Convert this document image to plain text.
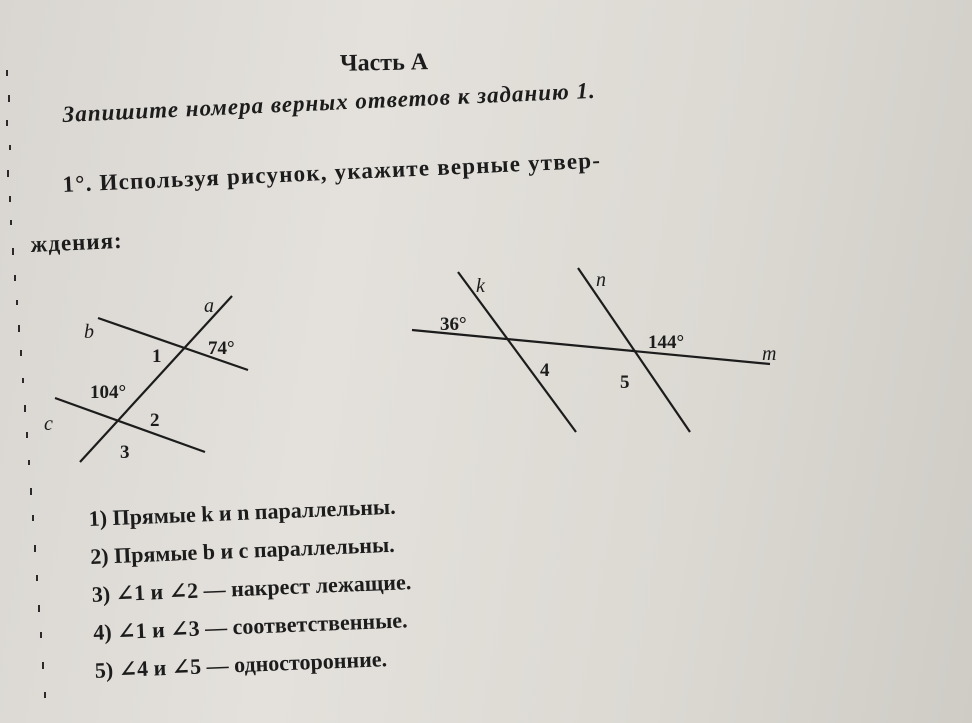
Часть А
Запишите номера верных ответов к заданию 1.
1°. Используя рисунок, укажите верные утвер-
ждения:
a
b
c
74°
104°
1
2
3
k	n
m
36°
144°
4
5
1) Прямые k и n параллельны.
2) Прямые b и c параллельны.
3) ∠1 и ∠2 — накрест лежащие.
4) ∠1 и ∠3 — соответственные.
5) ∠4 и ∠5 — односторонние.
